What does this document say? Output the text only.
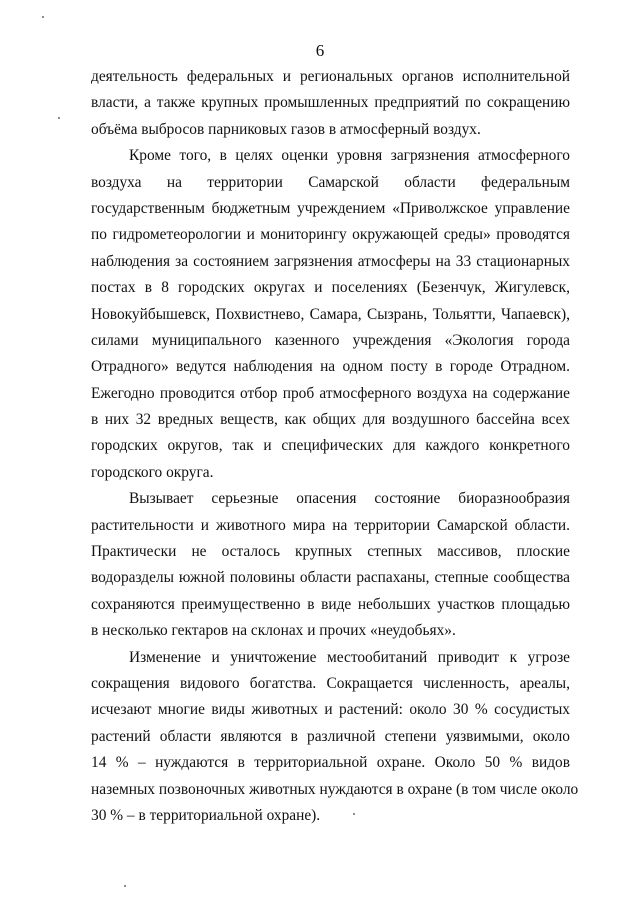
6
деятельность федеральных и региональных органов исполнительной
власти, а также крупных промышленных предприятий по сокращению
объёма выбросов парниковых газов в атмосферный воздух.
Кроме того, в целях оценки уровня загрязнения атмосферного
воздуха на территории Самарской области федеральным
государственным бюджетным учреждением «Приволжское управление
по гидрометеорологии и мониторингу окружающей среды» проводятся
наблюдения за состоянием загрязнения атмосферы на 33 стационарных
постах в 8 городских округах и поселениях (Безенчук, Жигулевск,
Новокуйбышевск, Похвистнево, Самара, Сызрань, Тольятти, Чапаевск),
силами муниципального казенного учреждения «Экология города
Отрадного» ведутся наблюдения на одном посту в городе Отрадном.
Ежегодно проводится отбор проб атмосферного воздуха на содержание
в них 32 вредных веществ, как общих для воздушного бассейна всех
городских округов, так и специфических для каждого конкретного
городского округа.
Вызывает серьезные опасения состояние биоразнообразия
растительности и животного мира на территории Самарской области.
Практически не осталось крупных степных массивов, плоские
водоразделы южной половины области распаханы, степные сообщества
сохраняются преимущественно в виде небольших участков площадью
в несколько гектаров на склонах и прочих «неудобьях».
Изменение и уничтожение местообитаний приводит к угрозе
сокращения видового богатства. Сокращается численность, ареалы,
исчезают многие виды животных и растений: около 30 % сосудистых
растений области являются в различной степени уязвимыми, около
14 % – нуждаются в территориальной охране. Около 50 % видов
наземных позвоночных животных нуждаются в охране (в том числе около
30 % – в территориальной охране).
